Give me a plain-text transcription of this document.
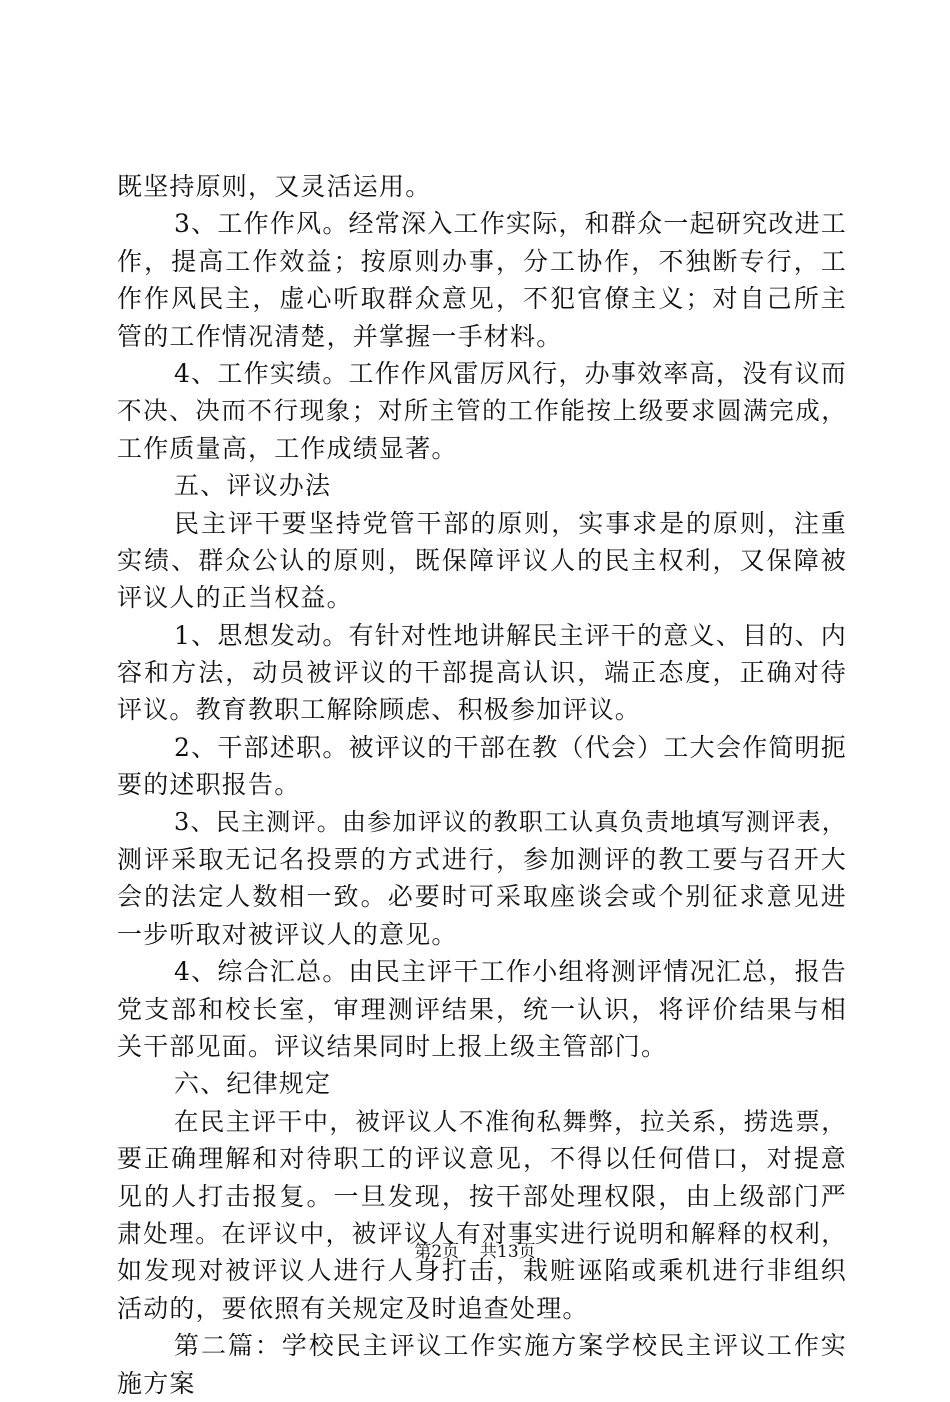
既坚持原则，又灵活运用。
3、工作作风。经常深入工作实际，和群众一起研究改进工
作，提高工作效益；按原则办事，分工协作，不独断专行，工
作作风民主，虚心听取群众意见，不犯官僚主义；对自己所主
管的工作情况清楚，并掌握一手材料。
4、工作实绩。工作作风雷厉风行，办事效率高，没有议而
不决、决而不行现象；对所主管的工作能按上级要求圆满完成，
工作质量高，工作成绩显著。
五、评议办法
民主评干要坚持党管干部的原则，实事求是的原则，注重
实绩、群众公认的原则，既保障评议人的民主权利，又保障被
评议人的正当权益。
1、思想发动。有针对性地讲解民主评干的意义、目的、内
容和方法，动员被评议的干部提高认识，端正态度，正确对待
评议。教育教职工解除顾虑、积极参加评议。
2、干部述职。被评议的干部在教（代会）工大会作简明扼
要的述职报告。
3、民主测评。由参加评议的教职工认真负责地填写测评表，
测评采取无记名投票的方式进行，参加测评的教工要与召开大
会的法定人数相一致。必要时可采取座谈会或个别征求意见进
一步听取对被评议人的意见。
4、综合汇总。由民主评干工作小组将测评情况汇总，报告
党支部和校长室，审理测评结果，统一认识，将评价结果与相
关干部见面。评议结果同时上报上级主管部门。
六、纪律规定
在民主评干中，被评议人不准徇私舞弊，拉关系，捞选票，
要正确理解和对待职工的评议意见，不得以任何借口，对提意
见的人打击报复。一旦发现，按干部处理权限，由上级部门严
肃处理。在评议中，被评议人有对事实进行说明和解释的权利，
如发现对被评议人进行人身打击，栽赃诬陷或乘机进行非组织
活动的，要依照有关规定及时追查处理。
第二篇：学校民主评议工作实施方案学校民主评议工作实
施方案
第2页 共13页
